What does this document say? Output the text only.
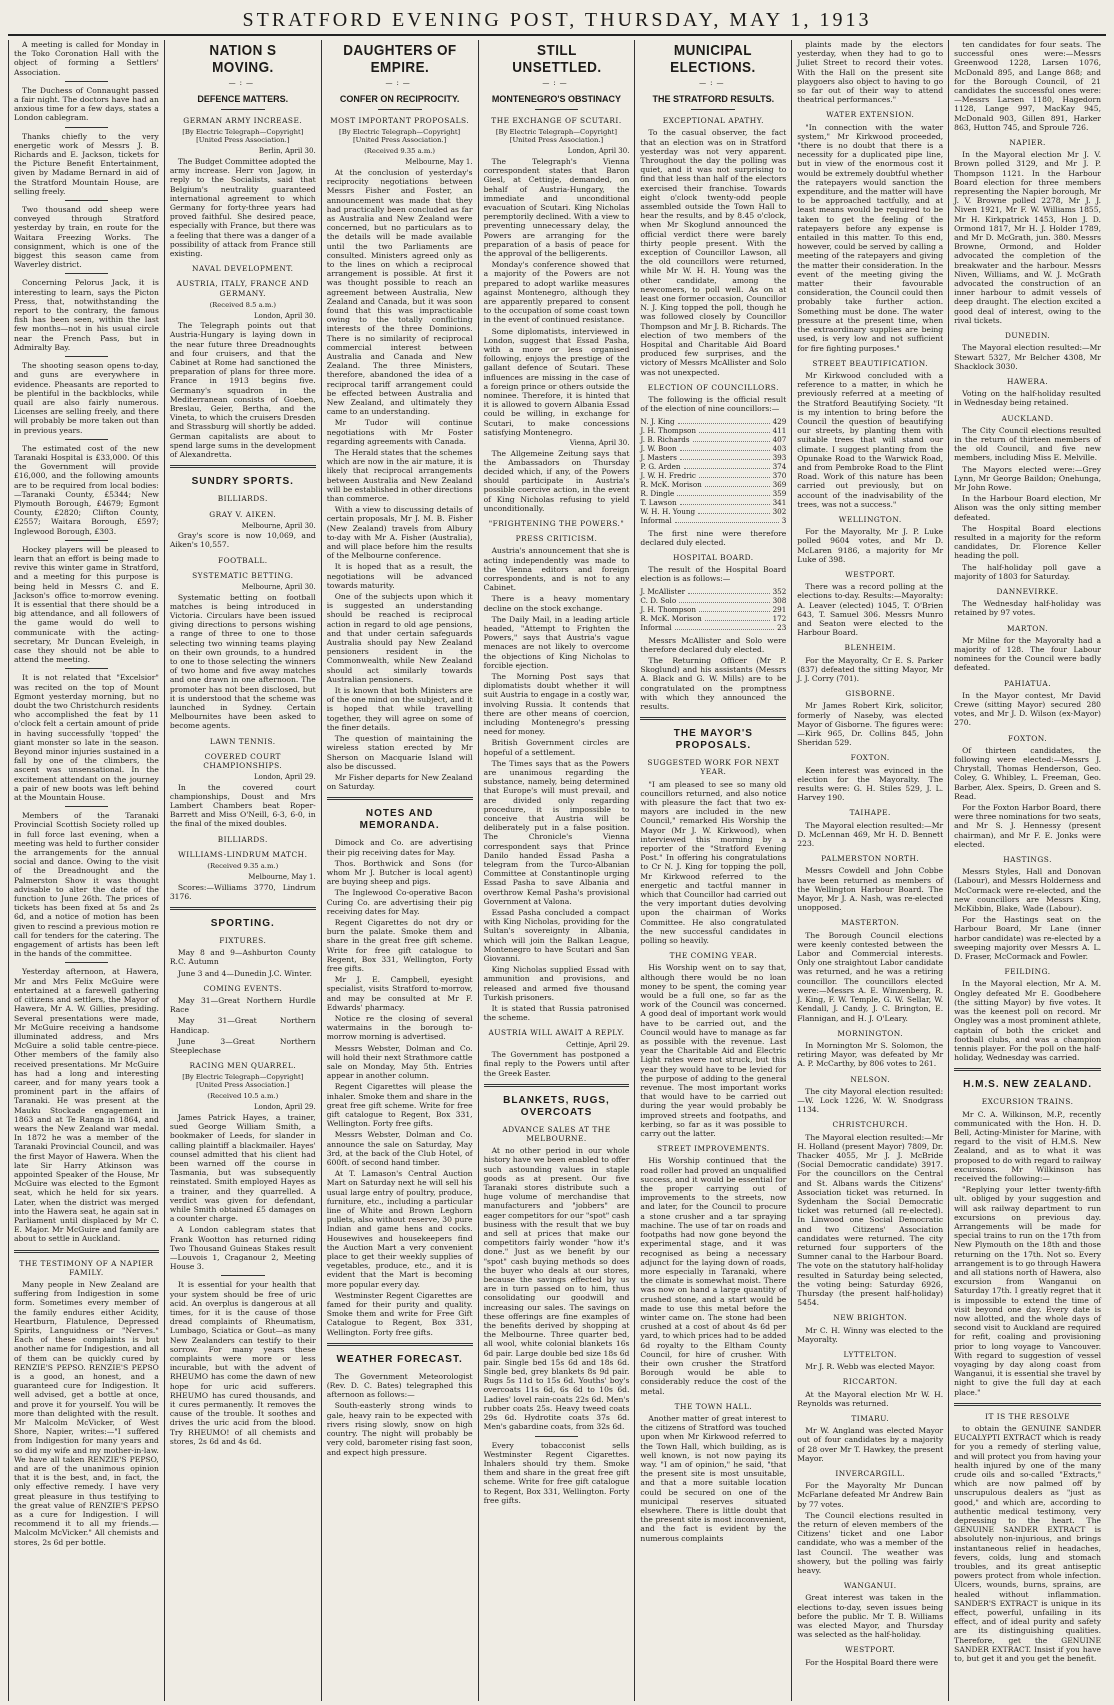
STRATFORD EVENING POST, THURSDAY, MAY 1, 1913

A meeting is called for Monday in the Toko Coronation Hall with the object of forming a Settlers' Association.

The Duchess of Connaught passed a fair night. The doctors have had an anxious time for a few days, states a London cablegram.

Thanks chiefly to the very energetic work of Messrs J. B. Richards and E. Jackson, tickets for the Picture Benefit Entertainment, given by Madame Bernard in aid of the Stratford Mountain House, are selling freely.

Two thousand odd sheep were conveyed through Stratford yesterday by train, en route for the Waitara Freezing Works. The consignment, which is one of the biggest this season came from Waverley district.

Concerning Pelorus Jack, it is interesting to learn, says the Picton Press, that, notwithstanding the report to the contrary, the famous fish has been seen, within the last few months—not in his usual circle near the French Pass, but in Admiralty Bay.

The shooting season opens to-day, and guns are everywhere in evidence. Pheasants are reported to be plentiful in the backblocks, while quail are also fairly numerous. Licenses are selling freely, and there will probably be more taken out than in previous years.

The estimated cost of the new Taranaki Hospital is £33,000. Of this the Government will provide £16,000, and the following amounts are to be required from local bodies:—Taranaki County, £5344; New Plymouth Borough, £4679; Egmont County, £2820; Clifton County, £2557; Waitara Borough, £597; Inglewood Borough, £303.

Hockey players will be pleased to learn that an effort is being made to revive this winter game in Stratford, and a meeting for this purpose is being held in Messrs C. and E. Jackson's office to-morrow evening. It is essential that there should be a big attendance, and all followers of the game would do well to communicate with the acting-secretary, Mr Duncan Eveleigh, in case they should not be able to attend the meeting.

It is not related that "Excelsior" was recited on the top of Mount Egmont yesterday morning, but no doubt the two Christchurch residents who accomplished the feat by 11 o'clock felt a certain amount of pride in having successfully 'topped' the giant monster so late in the season. Beyond minor injuries sustained in a fall by one of the climbers, the ascent was unsensational. In the excitement attendant on the journey a pair of new boots was left behind at the Mountain House.

Members of the Taranaki Provincial Scottish Society rolled up in full force last evening, when a meeting was held to further consider the arrangements for the annual social and dance. Owing to the visit of the Dreadnought and the Palmerston Show it was thought advisable to alter the date of the function to June 26th. The prices of tickets has been fixed at 5s and 2s 6d, and a notice of motion has been given to rescind a previous motion re call for tenders for the catering. The engagement of artists has been left in the hands of the committee.

Yesterday afternoon, at Hawera, Mr and Mrs Felix McGuire were entertained at a farewell gathering of citizens and settlers, the Mayor of Hawera, Mr A. W. Gillies, presiding. Several presentations were made, Mr McGuire receiving a handsome illuminated address, and Mrs McGuire a solid table centre-piece. Other members of the family also received presentations. Mr McGuire has had a long and interesting career, and for many years took a prominent part in the affairs of Taranaki. He was present at the Mauku Stockade engagement in 1863 and at Te Ranga in 1864, and wears the New Zealand war medal. In 1872 he was a member of the Taranaki Provincial Council, and was the first Mayor of Hawera. When the late Sir Harry Atkinson was appointed Speaker of the House, Mr McGuire was elected to the Egmont seat, which he held for six years. Later, when the district was merged into the Hawera seat, he again sat in Parliament until displaced by Mr C. E. Major. Mr McGuire and family are about to settle in Auckland.

THE TESTIMONY OF A NAPIER FAMILY.

Many people in New Zealand are suffering from Indigestion in some form. Sometimes every member of the family endures either Acidity, Heartburn, Flatulence, Depressed Spirits, Languidness or "Nerves." Each of these complaints is but another name for Indigestion, and all of them can be quickly cured by RENZIE'S PEPSO. RENZIE'S PEPSO is a good, an honest, and a guaranteed cure for Indigestion. It well advised, get a bottle at once, and prove it for yourself. You will be more than delighted with the result. Mr Malcolm McVicker, of West Shore, Napier, writes:—"I suffered from Indigestion for many years and so did my wife and my mother-in-law. We have all taken RENZIE'S PEPSO, and are of the unanimous opinion that it is the best, and, in fact, the only effective remedy. I have very great pleasure in thus testifying to the great value of RENZIE'S PEPSO as a cure for Indigestion. I will recommend it to all my friends.—Malcolm McVicker." All chemists and stores, 2s 6d per bottle.

NATION S MOVING.
—:—
DEFENCE MATTERS.
GERMAN ARMY INCREASE.
[By Electric Telegraph—Copyright] [United Press Association.]
Berlin, April 30.

The Budget Committee adopted the army increase. Herr von Jagow, in reply to the Socialists, said that Belgium's neutrality guaranteed international agreement to which Germany for forty-three years had proved faithful. She desired peace, especially with France, but there was a feeling that there was a danger of a possibility of attack from France still existing.

NAVAL DEVELOPMENT.
AUSTRIA, ITALY, FRANCE AND GERMANY.
(Received 8.5 a.m.)
London, April 30.

The Telegraph points out that Austria-Hungary is laying down in the near future three Dreadnoughts and four cruisers, and that the Cabinet at Rome had sanctioned the preparation of plans for three more. France in 1913 begins five. Germany's squadron in the Mediterranean consists of Goeben, Breslau, Geier, Bertha, and the Vineta, to which the cruisers Dresden and Strassburg will shortly be added. German capitalists are about to spend large sums in the development of Alexandretta.

SUNDRY SPORTS.
BILLIARDS.
GRAY V. AIKEN.
Melbourne, April 30.

Gray's score is now 10,069, and Aiken's 10,557.

FOOTBALL.
SYSTEMATIC BETTING.
Melbourne, April 30.

Systematic betting on football matches is being introduced in Victoria. Circulars have been issued giving directions to persons wishing a range of three to one to those selecting two winning teams playing on their own grounds, to a hundred to one to those selecting the winners of two home and five away matches and one drawn in one afternoon. The promoter has not been disclosed, but it is understood that the scheme was launched in Sydney. Certain Melbournites have been asked to become agents.

LAWN TENNIS.
COVERED COURT CHAMPIONSHIPS.
London, April 29.

In the covered court championships, Doust and Mrs Lambert Chambers beat Roper-Barrett and Miss O'Neill, 6-3, 6-0, in the final of the mixed doubles.

BILLIARDS.
WILLIAMS-LINDRUM MATCH.
(Received 9.35 a.m.)
Melbourne, May 1.

Scores:—Williams 3770, Lindrum 3176.

SPORTING.
FIXTURES.

May 8 and 9—Ashburton County R.C. Autumn

June 3 and 4—Dunedin J.C. Winter.

COMING EVENTS.

May 31—Great Northern Hurdle Race

May 31—Great Northern Handicap.

June 3—Great Northern Steeplechase

RACING MEN QUARREL.
[By Electric Telegraph—Copyright] [United Press Association.]
(Received 10.5 a.m.)
London, April 29.

James Patrick Hayes, a trainer, sued George William Smith, a bookmaker of Leeds, for slander in calling plaintiff a blackmailer. Hayes' counsel admitted that his client had been warned off the course in Tasmania, but was subsequently reinstated. Smith employed Hayes as a trainer, and they quarrelled. A verdict was given for defendant, while Smith obtained £5 damages on a counter charge.

A London cablegram states that Frank Wootton has returned riding Two Thousand Guineas Stakes result—Louvois 1, Craganour 2, Meeting House 3.

It is essential for your health that your system should be free of uric acid. An overplus is dangerous at all times, for it is the cause of those dread complaints of Rheumatism, Lumbago, Sciatica or Gout—as many New Zealanders can testify to their sorrow. For many years these complaints were more or less incurable, but with the advent of RHEUMO has come the dawn of new hope for uric acid sufferers. RHEUMO has cured thousands, and it cures permanently. It removes the cause of the trouble. It soothes and drives the uric acid from the blood. Try RHEUMO! of all chemists and stores, 2s 6d and 4s 6d.

DAUGHTERS OF EMPIRE.
—:—
CONFER ON RECIPROCITY.
MOST IMPORTANT PROPOSALS.
[By Electric Telegraph—Copyright] [United Press Association.]
(Received 9.35 a.m.)
Melbourne, May 1.

At the conclusion of yesterday's reciprocity negotiations between Messrs Fisher and Foster, an announcement was made that they had practically been concluded as far as Australia and New Zealand were concerned, but no particulars as to the details will be made available until the two Parliaments are consulted. Ministers agreed only as to the lines on which a reciprocal arrangement is possible. At first it was thought possible to reach an agreement between Australia, New Zealand and Canada, but it was soon found that this was impracticable owing to the totally conflicting interests of the three Dominions. There is no similarity of reciprocal commercial interest between Australia and Canada and New Zealand. The three Ministers, therefore, abandoned the idea of a reciprocal tariff arrangement could be effected between Australia and New Zealand, and ultimately they came to an understanding.

Mr Tudor will continue negotiations with Mr Foster regarding agreements with Canada.

The Herald states that the schemes which are now in the air mature, it is likely that reciprocal arrangements between Australia and New Zealand will be established in other directions than commerce.

With a view to discussing details of certain proposals, Mr J. M. B. Fisher (New Zealand) travels from Albury to-day with Mr A. Fisher (Australia), and will place before him the results of the Melbourne conference.

It is hoped that as a result, the negotiations will be advanced towards maturity.

One of the subjects upon which it is suggested an understanding should be reached is reciprocal action in regard to old age pensions, and that under certain safeguards Australia should pay New Zealand pensioners resident in the Commonwealth, while New Zealand should act similarly towards Australian pensioners.

It is known that both Ministers are of the one mind on the subject, and it is hoped that while travelling together, they will agree on some of the finer details.

The question of maintaining the wireless station erected by Mr Sherson on Macquarie Island will also be discussed.

Mr Fisher departs for New Zealand on Saturday.

NOTES AND MEMORANDA.

Dimock and Co. are advertising their pig receiving dates for May.

Thos. Borthwick and Sons (for whom Mr J. Butcher is local agent) are buying sheep and pigs.

The Inglewood Co-operative Bacon Curing Co. are advertising their pig receiving dates for May.

Regent Cigarettes do not dry or burn the palate. Smoke them and share in the great free gift scheme. Write for free gift catalogue to Regent, Box 331, Wellington, Forty free gifts.

Mr J. E. Campbell, eyesight specialist, visits Stratford to-morrow, and may be consulted at Mr F. Edwards' pharmacy.

Notice re the closing of several watermains in the borough to-morrow morning is advertised.

Messrs Webster, Dolman and Co. will hold their next Strathmore cattle sale on Monday, May 5th. Entries appear in another column.

Regent Cigarettes will please the inhaler. Smoke them and share in the great free gift scheme. Write for free gift catalogue to Regent, Box 331, Wellington. Forty free gifts.

Messrs Webster, Dolman and Co. announce the sale on Saturday, May 3rd, at the back of the Club Hotel, of 600ft. of second hand timber.

At T. Lamason's Central Auction Mart on Saturday next he will sell his usual large entry of poultry, produce, furniture, etc., including a particular line of White and Brown Leghorn pullets, also without reserve, 30 pure Indian and game hens and cocks. Housewives and housekeepers find the Auction Mart a very convenient place to get their weekly supplies of vegetables, produce, etc., and it is evident that the Mart is becoming more popular every day.

Westminster Regent Cigarettes are famed for their purity and quality. Smoke them and write for Free Gift Catalogue to Regent, Box 331, Wellington. Forty free gifts.

WEATHER FORECAST.

The Government Meteorologist (Rev. D. C. Bates) telegraphed this afternoon as follows:—

South-easterly strong winds to gale, heavy rain to be expected with rivers rising slowly, snow on high country. The night will probably be very cold, barometer rising fast soon, and expect high pressure.

STILL UNSETTLED.
—:—
MONTENEGRO'S OBSTINACY
THE EXCHANGE OF SCUTARI.
[By Electric Telegraph—Copyright] [United Press Association.]
London, April 30.

The Telegraph's Vienna correspondent states that Baron Giesl, at Cettinje, demanded, on behalf of Austria-Hungary, the immediate and unconditional evacuation of Scutari. King Nicholas peremptorily declined. With a view to preventing unnecessary delay, the Powers are arranging for the preparation of a basis of peace for the approval of the belligerents.

Monday's conference showed that a majority of the Powers are not prepared to adopt warlike measures against Montenegro, although they are apparently prepared to consent to the occupation of some coast town in the event of continued resistance.

Some diplomatists, interviewed in London, suggest that Essad Pasha, with a more or less organised following, enjoys the prestige of the gallant defence of Scutari. These influences are missing in the case of a foreign prince or others outside the nominee. Therefore, it is hinted that it is allowed to govern Albania Essad could be willing, in exchange for Scutari, to make concessions satisfying Montenegro.

Vienna, April 30.

The Allgemeine Zeitung says that the Ambassadors on Thursday decided which, if any, of the Powers should participate in Austria's possible coercive action, in the event of King Nicholas refusing to yield unconditionally.

"FRIGHTENING THE POWERS."
PRESS CRITICISM.

Austria's announcement that she is acting independently was made to the Vienna editors and foreign correspondents, and is not to any Cabinet.

There is a heavy momentary decline on the stock exchange.

The Daily Mail, in a leading article headed, "Attempt to Frighten the Powers," says that Austria's vague menaces are not likely to overcome the objections of King Nicholas to forcible ejection.

The Morning Post says that diplomatists doubt whether it will suit Austria to engage in a costly war, involving Russia. It contends that there are other means of coercion, including Montenegro's pressing need for money.

British Government circles are hopeful of a settlement.

The Times says that as the Powers are unanimous regarding the substance, namely, being determined that Europe's will must prevail, and are divided only regarding procedure, it is impossible to conceive that Austria will be deliberately put in a false position. The Chronicle's Vienna correspondent says that Prince Danilo handed Essad Pasha a telegram from the Turco-Albanian Committee at Constantinople urging Essad Pasha to save Albania and overthrow Kemal Pasha's provisional Government at Valona.

Essad Pasha concluded a compact with King Nicholas, providing for the Sultan's sovereignty in Albania, which will join the Balkan League, Montenegro to have Scutari and San Giovanni.

King Nicholas supplied Essad with ammunition and provisions, and released and armed five thousand Turkish prisoners.

It is stated that Russia patronised the scheme.

AUSTRIA WILL AWAIT A REPLY.
Cettinje, April 29.

The Government has postponed a final reply to the Powers until after the Greek Easter.

BLANKETS, RUGS, OVERCOATS
ADVANCE SALES AT THE MELBOURNE.

At no other period in our whole history have we been enabled to offer such astounding values in staple goods as at present. Our five Taranaki stores distribute such a huge volume of merchandise that manufacturers and "jobbers" are eager competitors for our "spot" cash business with the result that we buy and sell at prices that make our competitors fairly wonder "how it's done." Just as we benefit by our "spot" cash buying methods so does the buyer who deals at our stores, because the savings effected by us are in turn passed on to him, thus consolidating our goodwill and increasing our sales. The savings on these offerings are fine examples of the benefits derived by shopping at the Melbourne. Three quarter bed, all wool, white colonial blankets 16s 6d pair. Large double bed size 18s 6d pair. Single bed 15s 6d and 18s 6d. Single bed, grey blankets 8s 9d pair. Rugs 5s 11d to 15s 6d. Youths' boy's overcoats 11s 6d, 6s 6d to 10s 6d. Ladies' lovel rain-coats 22s 6d. Men's rubber coats 25s. Heavy tweed coats 29s 6d. Hydrotite coats 37s 6d. Men's gabardine coats, from 32s 6d.

Every tobacconist sells Westminster Regent Cigarettes. Inhalers should try them. Smoke them and share in the great free gift scheme. Write for free gift catalogue to Regent, Box 331, Wellington. Forty free gifts.

MUNICIPAL ELECTIONS.
—:—
THE STRATFORD RESULTS.
EXCEPTIONAL APATHY.

To the casual observer, the fact that an election was on in Stratford yesterday was not very apparent. Throughout the day the polling was quiet, and it was not surprising to find that less than half of the electors exercised their franchise. Towards eight o'clock twenty-odd people assembled outside the Town Hall to hear the results, and by 8.45 o'clock, when Mr Skoglund announced the official verdict there were barely thirty people present. With the exception of Councillor Lawson, all the old councillors were returned, while Mr W. H. H. Young was the other candidate, among the newcomers, to poll well. As on at least one former occasion, Councillor N. J. King topped the poll, though he was followed closely by Councillor Thompson and Mr J. B. Richards. The election of two members of the Hospital and Charitable Aid Board produced few surprises, and the victory of Messrs McAllister and Solo was not unexpected.

ELECTION OF COUNCILLORS.

The following is the official result of the election of nine councillors:—

N. J. King	429
J. H. Thompson	411
J. B. Richards	407
J. W. Boon	403
J. Masters	393
P. G. Arden	374
J. W. H. Fredric	370
R. McK. Morison	369
R. Dingle	359
T. Lawson	341
W. H. H. Young	302
Informal	3

The first nine were therefore declared duly elected.

HOSPITAL BOARD.

The result of the Hospital Board election is as follows:—

J. McAllister	352
C. D. Solo	308
J. H. Thompson	291
R. McK. Morison	172
Informal	23

Messrs McAllister and Solo were therefore declared duly elected.

The Returning Officer (Mr P. Skoglund) and his assistants (Messrs A. Black and G. W. Mills) are to be congratulated on the promptness with which they announced the results.

THE MAYOR'S PROPOSALS.
SUGGESTED WORK FOR NEXT YEAR.

"I am pleased to see so many old councillors returned, and also notice with pleasure the fact that two ex-mayors are included in the new Council," remarked His Worship the Mayor (Mr J. W. Kirkwood), when interviewed this morning by a reporter of the "Stratford Evening Post." In offering his congratulations to Cr N. J. King for topping the poll, Mr Kirkwood referred to the energetic and tactful manner in which that Councillor had carried out the very important duties devolving upon the chairman of Works Committee. He also congratulated the new successful candidates in polling so heavily.

THE COMING YEAR.

His Worship went on to say that, although there would be no loan money to be spent, the coming year would be a full one, so far as the work of the Council was concerned. A good deal of important work would have to be carried out, and the Council would have to manage as far as possible with the revenue. Last year the Charitable Aid and Electric Light rates were not struck, but this year they would have to be levied for the purpose of adding to the general revenue. The most important works that would have to be carried out during the year would probably be improved streets and footpaths, and kerbing, so far as it was possible to carry out the latter.

STREET IMPROVEMENTS.

His Worship continued that the road roller had proved an unqualified success, and it would be essential for the proper carrying out of improvements to the streets, now and later, for the Council to procure a stone crusher and a tar spraying machine. The use of tar on roads and footpaths had now gone beyond the experimental stage, and it was recognised as being a necessary adjunct for the laying down of roads, more especially in Taranaki, where the climate is somewhat moist. There was now on hand a large quantity of crushed stone, and a start would be made to use this metal before the winter came on. The stone had been crushed at a cost of about 4s 6d per yard, to which prices had to be added 6d royalty to the Eltham County Council, for hire of crusher. With their own crusher the Stratford Borough would be able to considerably reduce the cost of the metal.

THE TOWN HALL.

Another matter of great interest to the citizens of Stratford was touched upon when Mr Kirkwood referred to the Town Hall, which building, as is well known, is not now paying its way. "I am of opinion," he said, "that the present site is most unsuitable, and that a more suitable location could be secured on one of the municipal reserves situated elsewhere. There is little doubt that the present site is most inconvenient, and the fact is evident by the numerous complaints

plaints made by the electors yesterday, when they had to go to Juliet Street to record their votes. With the Hall on the present site playgoers also object to having to go so far out of their way to attend theatrical performances."

WATER EXTENSION.

"In connection with the water system," Mr Kirkwood proceeded, "there is no doubt that there is a necessity for a duplicated pipe line, but in view of the enormous cost it would be extremely doubtful whether the ratepayers would sanction the expenditure, and the matter will have to be approached tactfully, and at least means would be required to be taken to get the feeling of the ratepayers before any expense is entailed in this matter. To this end, however, could be served by calling a meeting of the ratepayers and giving the matter their consideration. In the event of the meeting giving the matter their favourable consideration, the Council could then probably take further action. Something must be done. The water pressure at the present time, when the extraordinary supplies are being used, is very low and not sufficient for fire fighting purposes."

STREET BEAUTIFICATION.

Mr Kirkwood concluded with a reference to a matter, in which he previously referred at a meeting of the Stratford Beautifying Society. "It is my intention to bring before the Council the question of beautifying our streets, by planting them with suitable trees that will stand our climate. I suggest planting from the Opunake Road to the Warwick Road, and from Pembroke Road to the Flint Road. Work of this nature has been carried out previously, but on account of the inadvisability of the trees, was not a success."

WELLINGTON.

For the Mayoralty, Mr J. P. Luke polled 9604 votes, and Mr D. McLaren 9186, a majority for Mr Luke of 398.

WESTPORT.

There was a record polling at the elections to-day. Results:—Mayoralty: A. Leaver (elected) 1045, T. O'Brien 643, T. Samuel 306. Messrs Munro and Seaton were elected to the Harbour Board.

BLENHEIM.

For the Mayoralty, Cr E. S. Parker (837) defeated the sitting Mayor, Mr J. J. Corry (701).

GISBORNE.

Mr James Robert Kirk, solicitor, formerly of Naseby, was elected Mayor of Gisborne. The figures were: —Kirk 965, Dr. Collins 845, John Sheridan 529.

FOXTON.

Keen interest was evinced in the election for the Mayoralty. The results were: G. H. Stiles 529, J. L. Harvey 190.

TAIHAPE.

The Mayoral election resulted:—Mr D. McLennan 469, Mr H. D. Bennett 223.

PALMERSTON NORTH.

Messrs Cowdell and John Cobbe have been returned as members of the Wellington Harbour Board. The Mayor, Mr J. A. Nash, was re-elected unopposed.

MASTERTON.

The Borough Council elections were keenly contested between the Labor and Commercial interests. Only one straightout Labor candidate was returned, and he was a retiring councillor. The councillors elected were:—Messrs A. E. Winzenberg, R. J. King, F. W. Temple, G. W. Sellar, W. Kendall, J. Candy, J. C. Brington, E. Flannigan, and H. J. O'Leary.

MORNINGTON.

In Mornington Mr S. Solomon, the retiring Mayor, was defeated by Mr A. P. McCarthy, by 806 votes to 261.

NELSON.

The city Mayoral election resulted:—W. Lock 1226, W. W. Snodgrass 1134.

CHRISTCHURCH.

The Mayoral election resulted:—Mr H. Holland (present Mayor) 7809, Dr. Thacker 4055, Mr J. J. McBride (Social Democratic candidate) 3917. For the councillors on the Central and St. Albans wards the Citizens' Association ticket was returned. In Sydenham the Social Democratic ticket was returned (all re-elected). In Linwood one Social Democratic and two Citizens' Association candidates were returned. The city returned four supporters of the Sumner canal to the Harbour Board. The vote on the statutory half-holiday resulted in Saturday being selected, the voting being: Saturday 6926, Thursday (the present half-holiday) 5454.

NEW BRIGHTON.

Mr C. H. Winny was elected to the Mayoralty.

LYTTELTON.

Mr J. R. Webb was elected Mayor.

RICCARTON.

At the Mayoral election Mr W. H. Reynolds was returned.

TIMARU.

Mr W. Angland was elected Mayor out of four candidates by a majority of 28 over Mr T. Hawkey, the present Mayor.

INVERCARGILL.

For the Mayoralty Mr Duncan McFarlane defeated Mr Andrew Bain by 77 votes.

The Council elections resulted in the return of eleven members of the Citizens' ticket and one Labor candidate, who was a member of the last Council. The weather was showery, but the polling was fairly heavy.

WANGANUI.

Great interest was taken in the elections to-day, seven issues being before the public. Mr T. B. Williams was elected Mayor, and Thursday was selected as the half-holiday.

WESTPORT.

For the Hospital Board there were

ten candidates for four seats. The successful ones were:—Messrs Greenwood 1228, Larsen 1076, McDonald 895, and Lange 868; and for the Borough Council, of 21 candidates the successful ones were:—Messrs Larsen 1180, Hagedorn 1128, Lange 997, MacKay 945, McDonald 903, Gillen 891, Harker 863, Hutton 745, and Sproule 726.

NAPIER.

In the Mayoral election Mr J. V. Brown polled 3129, and Mr J. P. Thompson 1121. In the Harbour Board election for three members representing the Napier borough, Mr J. V. Browne polled 2278, Mr J. J. Niven 1921, Mr F. W. Williams 1855, Mr H. Kirkpatrick 1453, Hon J. D. Ormond 1817, Mr H. J. Holder 1789, and Mr D. McGrath, jun. 380. Messrs Browne, Ormond, and Holder advocated the completion of the breakwater and the harbour. Messrs Niven, Williams, and W. J. McGrath advocated the construction of an inner harbour to admit vessels of deep draught. The election excited a good deal of interest, owing to the rival tickets.

DUNEDIN.

The Mayoral election resulted:—Mr Stewart 5327, Mr Belcher 4308, Mr Shacklock 3030.

HAWERA.

Voting on the half-holiday resulted in Wednesday being retained.

AUCKLAND.

The City Council elections resulted in the return of thirteen members of the old Council, and five new members, including Miss E. Melville.

The Mayors elected were:—Grey Lynn, Mr George Baildon; Onehunga, Mr John Rowe.

In the Harbour Board election, Mr Alison was the only sitting member defeated.

The Hospital Board elections resulted in a majority for the reform candidates, Dr. Florence Keller heading the poll.

The half-holiday poll gave a majority of 1803 for Saturday.

DANNEVIRKE.

The Wednesday half-holiday was retained by 97 votes.

MARTON.

Mr Milne for the Mayoralty had a majority of 128. The four Labour nominees for the Council were badly defeated.

PAHIATUA.

In the Mayor contest, Mr David Crewe (sitting Mayor) secured 280 votes, and Mr J. D. Wilson (ex-Mayor) 270.

FOXTON.

Of thirteen candidates, the following were elected:—Messrs J. Chrystall, Thomas Henderson, Geo. Coley, G. Whibley, L. Freeman, Geo. Barber, Alex. Speirs, D. Green and S. Read.

For the Foxton Harbor Board, there were three nominations for two seats, and Mr S. J. Hennessy (present chairman), and Mr F. E. Jonks were elected.

HASTINGS.

Messrs Styles, Hall and Donovan (Labour), and Messrs Holderness and McCormack were re-elected, and the new councillors are Messrs King, McKibbin, Blake, Wade (Labour).

For the Hastings seat on the Harbour Board, Mr Lane (inner harbor candidate) was re-elected by a sweeping majority over Messrs A. L. D. Fraser, McCormack and Fowler.

FEILDING.

In the Mayoral election, Mr A. M. Ongley defeated Mr E. Goodbehere (the sitting Mayor) by five votes. It was the keenest poll on record. Mr Ongley was a most prominent athlete, captain of both the cricket and football clubs, and was a champion tennis player. For the poll on the half-holiday, Wednesday was carried.

H.M.S. NEW ZEALAND.
EXCURSION TRAINS.

Mr C. A. Wilkinson, M.P., recently communicated with the Hon. H. D. Bell, Acting-Minister for Marine, with regard to the visit of H.M.S. New Zealand, and as to what it was proposed to do with regard to railway excursions. Mr Wilkinson has received the following:—

"Replying your letter twenty-fifth ult. obliged by your suggestion and will ask railway department to run excursions on previous day. Arrangements will be made for special trains to run on the 17th from New Plymouth on the 18th and those returning on the 17th. Not so. Every arrangement is to go through Hawera and all stations north of Hawera, also excursion from Wanganui on Saturday 17th. I greatly regret that it is impossible to extend the time of visit beyond one day. Every date is now allotted, and the whole days of second visit to Auckland are required for refit, coaling and provisioning prior to long voyage to Vancouver. With regard to suggestion of vessel voyaging by day along coast from Wanganui, it is essential she travel by night to give the full day at each place."

IT IS THE RESOLVE

to obtain the GENUINE SANDER EUCALYPTI EXTRACT which is ready for you a remedy of sterling value, and will protect you from having your health injured by one of the many crude oils and so-called "Extracts," which are now palmed off by unscrupulous dealers as "just as good," and which are, according to authentic medical testimony, very depressing to the heart. The GENUINE SANDER EXTRACT is absolutely non-injurious, and brings instantaneous relief in headaches, fevers, colds, lung and stomach troubles, and its great antiseptic powers protect from whole infection. Ulcers, wounds, burns, sprains, are healed without inflammation. SANDER'S EXTRACT is unique in its effect, powerful, unfailing in its effect, and of ideal purity and safety are its distinguishing qualities. Therefore, get the GENUINE SANDER EXTRACT. Insist if you have to, but get it and you get the benefit.
